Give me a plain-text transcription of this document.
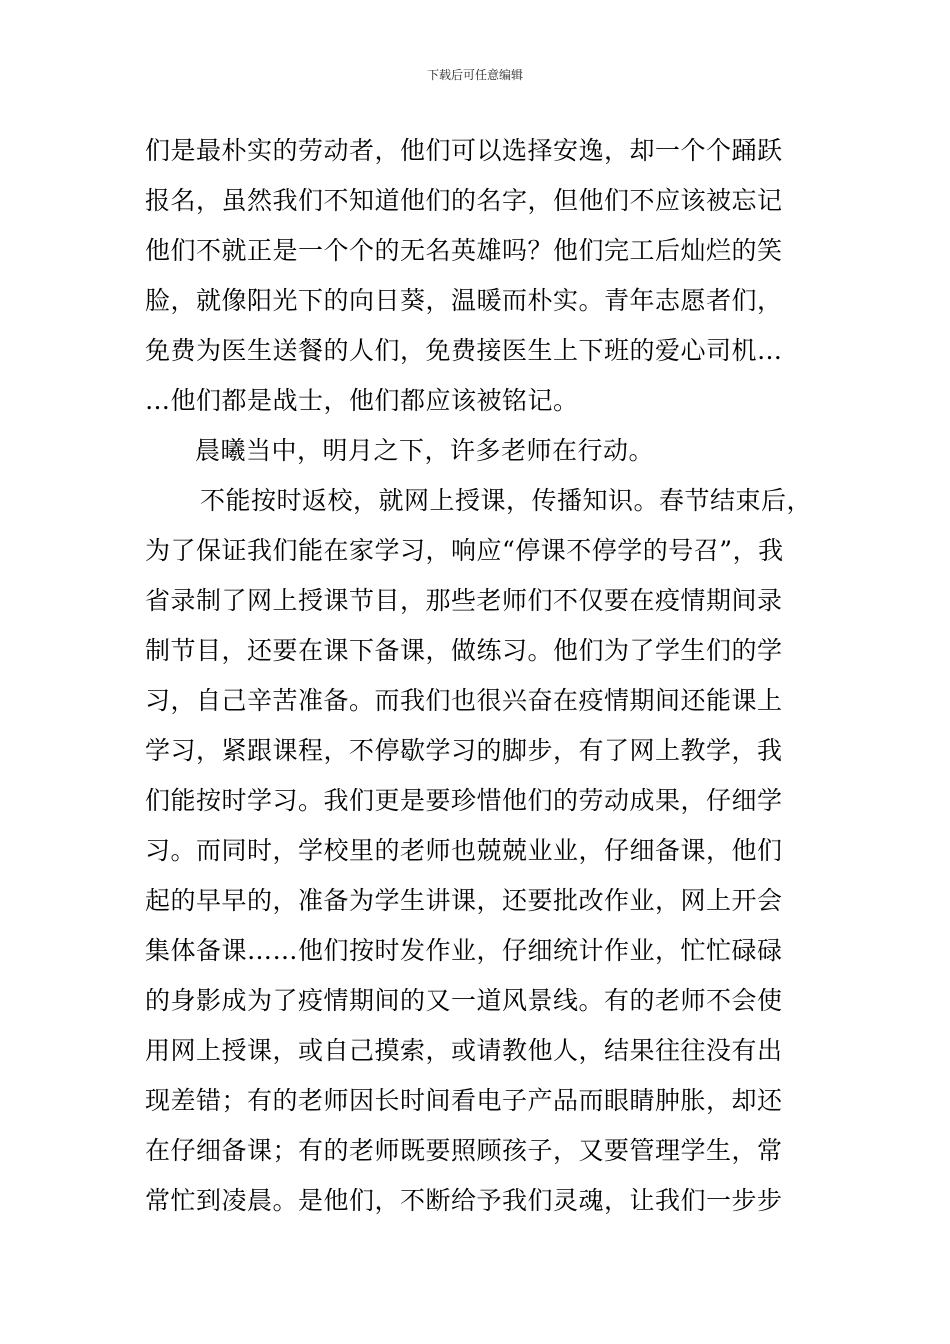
下载后可任意编辑
们是最朴实的劳动者，他们可以选择安逸，却一个个踊跃
报名，虽然我们不知道他们的名字，但他们不应该被忘记
他们不就正是一个个的无名英雄吗？他们完工后灿烂的笑
脸，就像阳光下的向日葵，温暖而朴实。青年志愿者们，
免费为医生送餐的人们，免费接医生上下班的爱心司机…
…他们都是战士，他们都应该被铭记。
晨曦当中，明月之下，许多老师在行动。
不能按时返校，就网上授课，传播知识。春节结束后，
为了保证我们能在家学习，响应“停课不停学的号召”，我
省录制了网上授课节目，那些老师们不仅要在疫情期间录
制节目，还要在课下备课，做练习。他们为了学生们的学
习，自己辛苦准备。而我们也很兴奋在疫情期间还能课上
学习，紧跟课程，不停歇学习的脚步，有了网上教学，我
们能按时学习。我们更是要珍惜他们的劳动成果，仔细学
习。而同时，学校里的老师也兢兢业业，仔细备课，他们
起的早早的，准备为学生讲课，还要批改作业，网上开会
集体备课……他们按时发作业，仔细统计作业，忙忙碌碌
的身影成为了疫情期间的又一道风景线。有的老师不会使
用网上授课，或自己摸索，或请教他人，结果往往没有出
现差错；有的老师因长时间看电子产品而眼睛肿胀，却还
在仔细备课；有的老师既要照顾孩子，又要管理学生，常
常忙到凌晨。是他们，不断给予我们灵魂，让我们一步步
